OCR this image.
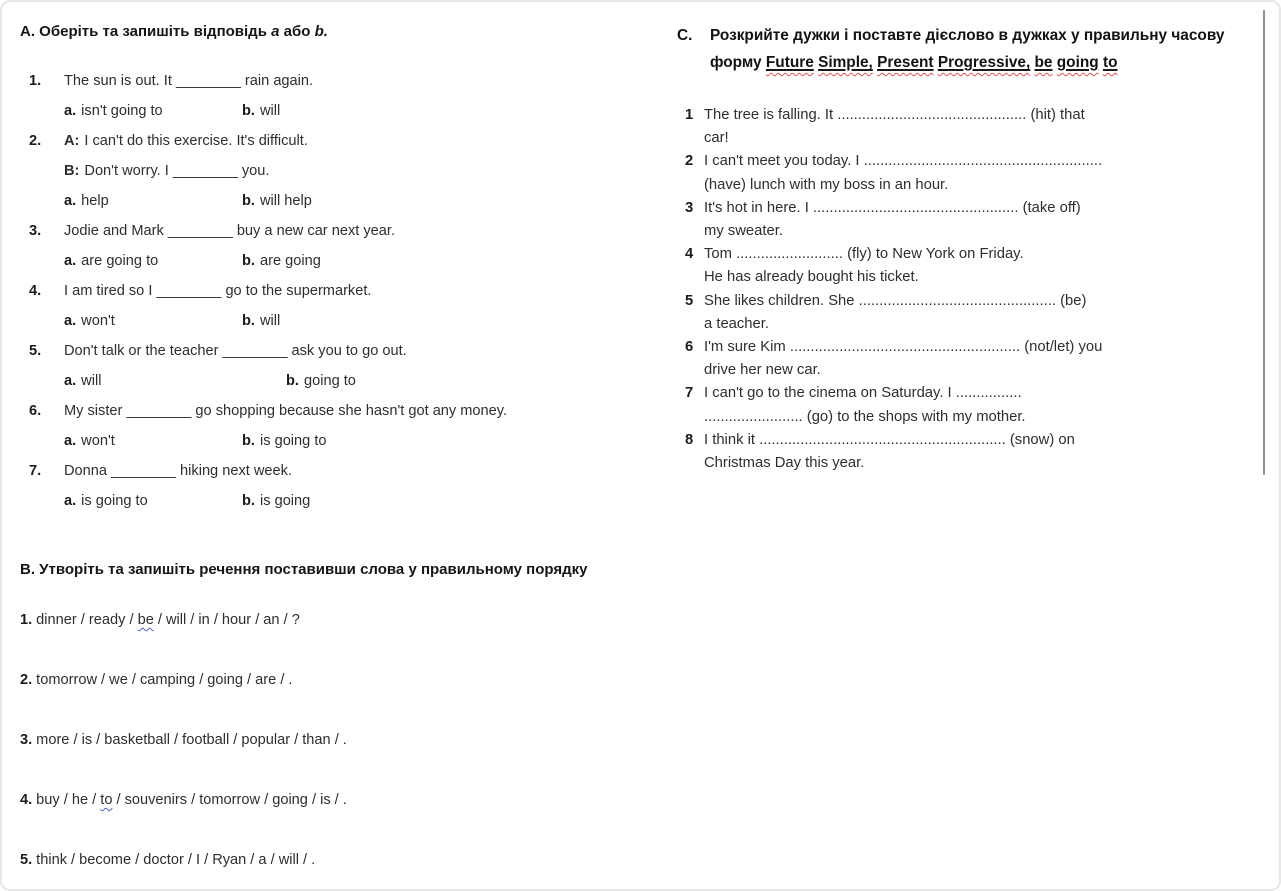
A. Оберіть та запишіть відповідь a або b.
1.	The sun is out. It ________ rain again.
a. isn't going to	b. will
2.	A: I can't do this exercise. It's difficult.
B: Don't worry. I ________ you.
a. help	b. will help
3.	Jodie and Mark ________ buy a new car next year.
a. are going to	b. are going
4.	I am tired so I ________ go to the supermarket.
a. won't	b. will
5.	Don't talk or the teacher ________ ask you to go out.
a. will	b. going to
6.	My sister ________ go shopping because she hasn't got any money.
a. won't	b. is going to
7.	Donna ________ hiking next week.
a. is going to	b. is going
В. Утворіть та запишіть речення поставивши слова у правильному порядку
1. dinner / ready / be / will / in / hour / an / ?
2. tomorrow / we / camping / going / are / .
3. more / is / basketball / football / popular / than / .
4. buy / he / to / souvenirs / tomorrow / going / is / .
5. think / become / doctor / I / Ryan / a / will / .
C.	Розкрийте дужки і поставте дієслово в дужках у правильну часову форму Future Simple, Present Progressive, be going to
1 The tree is falling. It .............................................. (hit) that
car!
2 I can't meet you today. I ..........................................................
(have) lunch with my boss in an hour.
3 It's hot in here. I .................................................. (take off)
my sweater.
4 Tom .......................... (fly) to New York on Friday.
He has already bought his ticket.
5 She likes children. She ................................................ (be)
a teacher.
6 I'm sure Kim ........................................................ (not/let) you
drive her new car.
7 I can't go to the cinema on Saturday. I ................
........................ (go) to the shops with my mother.
8 I think it ............................................................ (snow) on
Christmas Day this year.
